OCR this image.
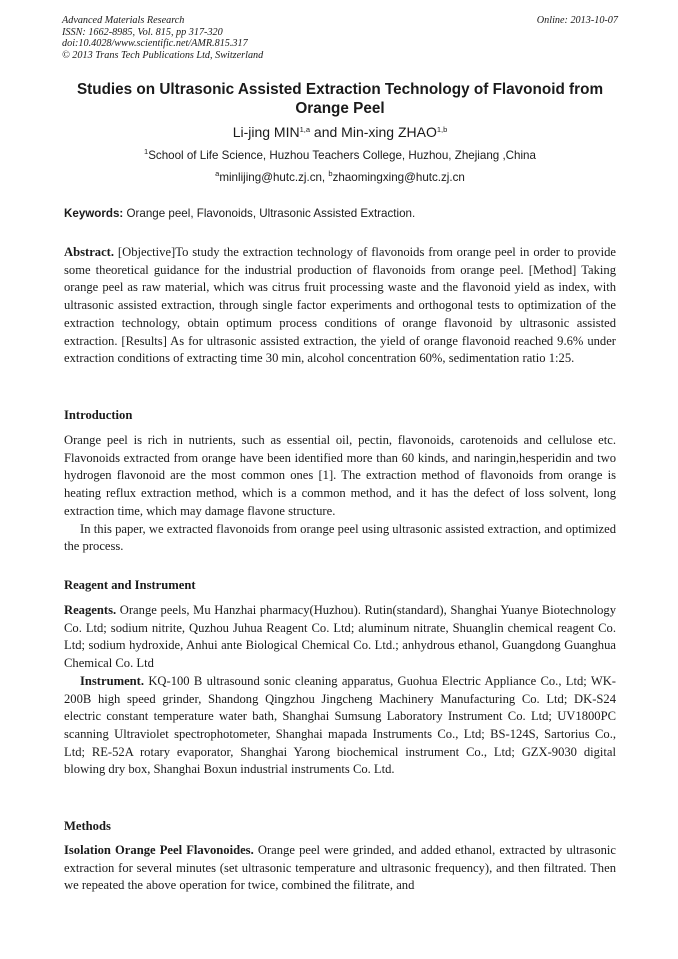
Advanced Materials Research
ISSN: 1662-8985, Vol. 815, pp 317-320
doi:10.4028/www.scientific.net/AMR.815.317
© 2013 Trans Tech Publications Ltd, Switzerland
Online: 2013-10-07
Studies on Ultrasonic Assisted Extraction Technology of Flavonoid from Orange Peel
Li-jing MIN$^{1,a}$ and Min-xing ZHAO$^{1,b}$
$^1$School of Life Science, Huzhou Teachers College, Huzhou, Zhejiang ,China
$^a$minlijing@hutc.zj.cn, $^b$zhaomingxing@hutc.zj.cn
Keywords: Orange peel, Flavonoids, Ultrasonic Assisted Extraction.

Abstract. [Objective]To study the extraction technology of flavonoids from orange peel in order to provide some theoretical guidance for the industrial production of flavonoids from orange peel. [Method] Taking orange peel as raw material, which was citrus fruit processing waste and the flavonoid yield as index, with ultrasonic assisted extraction, through single factor experiments and orthogonal tests to optimization of the extraction technology, obtain optimum process conditions of orange flavonoid by ultrasonic assisted extraction. [Results] As for ultrasonic assisted extraction, the yield of orange flavonoid reached 9.6% under extraction conditions of extracting time 30 min, alcohol concentration 60%, sedimentation ratio 1:25.

Introduction

Orange peel is rich in nutrients, such as essential oil, pectin, flavonoids, carotenoids and cellulose etc. Flavonoids extracted from orange have been identified more than 60 kinds, and naringin,hesperidin and two hydrogen flavonoid are the most common ones [1]. The extraction method of flavonoids from orange is heating reflux extraction method, which is a common method, and it has the defect of loss solvent, long extraction time, which may damage flavone structure.

In this paper, we extracted flavonoids from orange peel using ultrasonic assisted extraction, and optimized the process.

Reagent and Instrument

Reagents. Orange peels, Mu Hanzhai pharmacy(Huzhou). Rutin(standard), Shanghai Yuanye Biotechnology Co. Ltd; sodium nitrite, Quzhou Juhua Reagent Co. Ltd; aluminum nitrate, Shuanglin chemical reagent Co. Ltd; sodium hydroxide, Anhui ante Biological Chemical Co. Ltd.; anhydrous ethanol, Guangdong Guanghua Chemical Co. Ltd

Instrument. KQ-100 B ultrasound sonic cleaning apparatus, Guohua Electric Appliance Co., Ltd; WK-200B high speed grinder, Shandong Qingzhou Jingcheng Machinery Manufacturing Co. Ltd; DK-S24 electric constant temperature water bath, Shanghai Sumsung Laboratory Instrument Co. Ltd; UV1800PC scanning Ultraviolet spectrophotometer, Shanghai mapada Instruments Co., Ltd; BS-124S, Sartorius Co., Ltd; RE-52A rotary evaporator, Shanghai Yarong biochemical instrument Co., Ltd; GZX-9030 digital blowing dry box, Shanghai Boxun industrial instruments Co. Ltd.

Methods

Isolation Orange Peel Flavonoides. Orange peel were grinded, and added ethanol, extracted by ultrasonic extraction for several minutes (set ultrasonic temperature and ultrasonic frequency), and then filtrated. Then we repeated the above operation for twice, combined the filitrate, and
